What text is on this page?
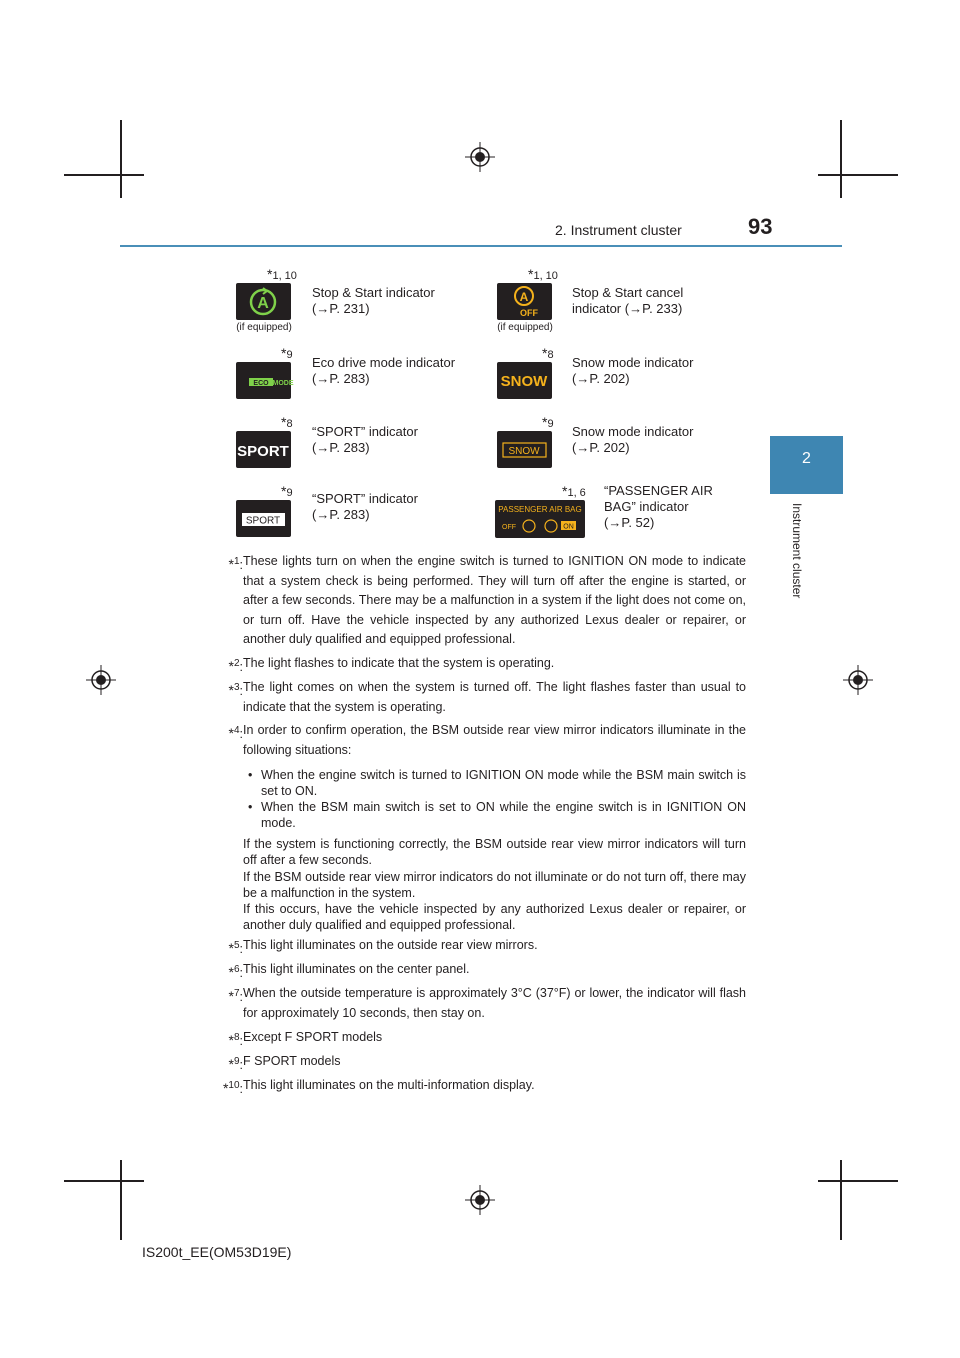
2. Instrument cluster	93
2
Instrument cluster
*1, 10
A
(if equipped)
Stop & Start indicator
(→P. 231)
*1, 10
A
OFF
(if equipped)
Stop & Start cancel
indicator (→P. 233)
*9
ECO MODE
Eco drive mode indicator
(→P. 283)
*8
SNOW
Snow mode indicator
(→P. 202)
*8
SPORT
“SPORT” indicator
(→P. 283)
*9
SNOW
Snow mode indicator
(→P. 202)
*9
SPORT
“SPORT” indicator
(→P. 283)
*1, 6
PASSENGER AIR BAG
OFF	ON
“PASSENGER AIR BAG” indicator
(→P. 52)
*$^1$: These lights turn on when the engine switch is turned to IGNITION ON mode to indicate that a system check is being performed. They will turn off after the engine is started, or after a few seconds. There may be a malfunction in a system if the light does not come on, or turn off. Have the vehicle inspected by any authorized Lexus dealer or repairer, or another duly qualified and equipped professional.
*$^2$: The light flashes to indicate that the system is operating.
*$^3$: The light comes on when the system is turned off. The light flashes faster than usual to indicate that the system is operating.
*$^4$: In order to confirm operation, the BSM outside rear view mirror indicators illuminate in the following situations:
• When the engine switch is turned to IGNITION ON mode while the BSM main switch is set to ON.
• When the BSM main switch is set to ON while the engine switch is in IGNITION ON mode.
If the system is functioning correctly, the BSM outside rear view mirror indicators will turn off after a few seconds.
If the BSM outside rear view mirror indicators do not illuminate or do not turn off, there may be a malfunction in the system.
If this occurs, have the vehicle inspected by any authorized Lexus dealer or repairer, or another duly qualified and equipped professional.
*$^5$: This light illuminates on the outside rear view mirrors.
*$^6$: This light illuminates on the center panel.
*$^7$: When the outside temperature is approximately 3°C (37°F) or lower, the indicator will flash for approximately 10 seconds, then stay on.
*$^8$: Except F SPORT models
*$^9$: F SPORT models
*$^{10}$: This light illuminates on the multi-information display.
IS200t_EE(OM53D19E)
